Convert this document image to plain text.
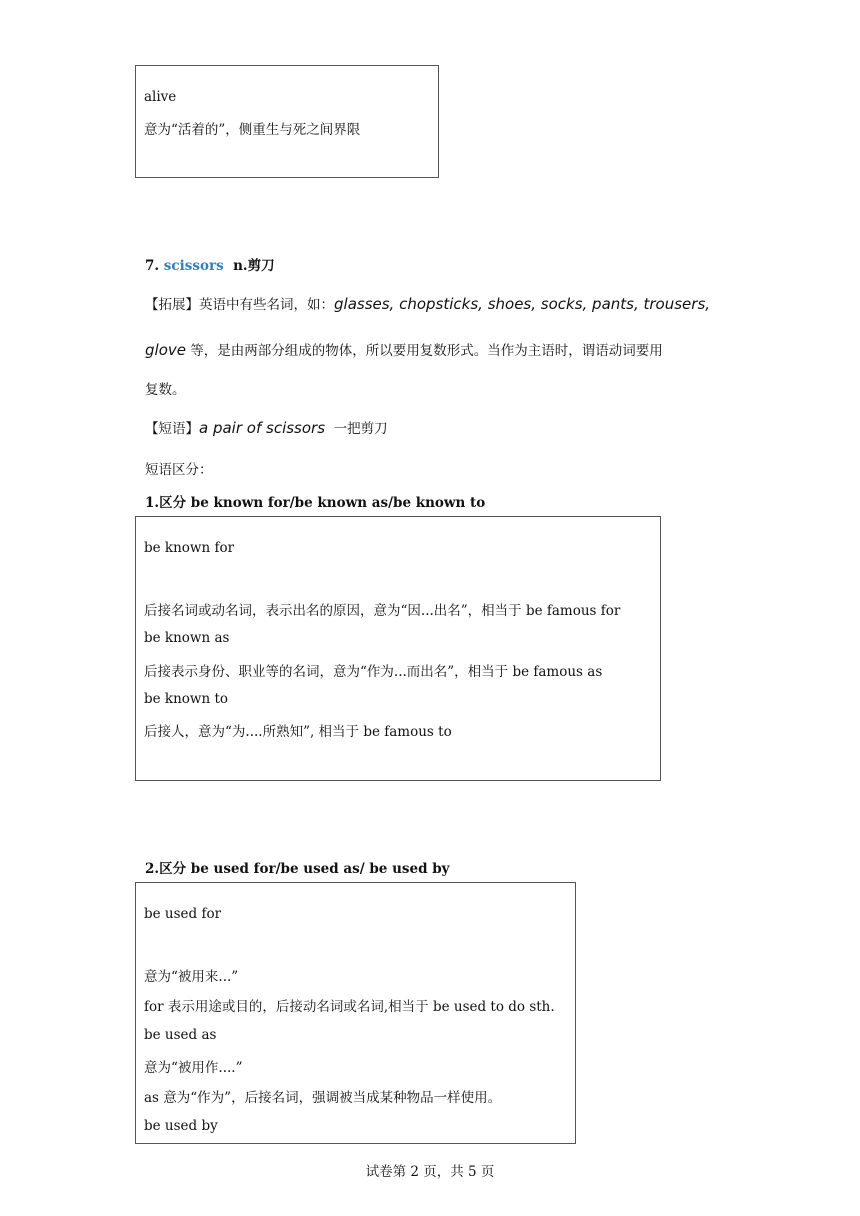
alive

意为“活着的”，侧重生与死之间界限

7. scissors n.剪刀
【拓展】英语中有些名词，如：glasses, chopsticks, shoes, socks, pants, trousers,
glove 等，是由两部分组成的物体，所以要用复数形式。当作为主语时，谓语动词要用
复数。
【短语】a pair of scissors 一把剪刀
短语区分：
1.区分 be known for/be known as/be known to

be known for

后接名词或动名词，表示出名的原因，意为“因...出名”，相当于 be famous for

be known as

后接表示身份、职业等的名词，意为“作为...而出名”，相当于 be famous as

be known to

后接人，意为“为....所熟知”, 相当于 be famous to

2.区分 be used for/be used as/ be used by

be used for

意为“被用来...”

for 表示用途或目的，后接动名词或名词,相当于 be used to do sth.

be used as

意为“被用作....”

as 意为“作为”，后接名词，强调被当成某种物品一样使用。

be used by

试卷第 2 页，共 5 页
